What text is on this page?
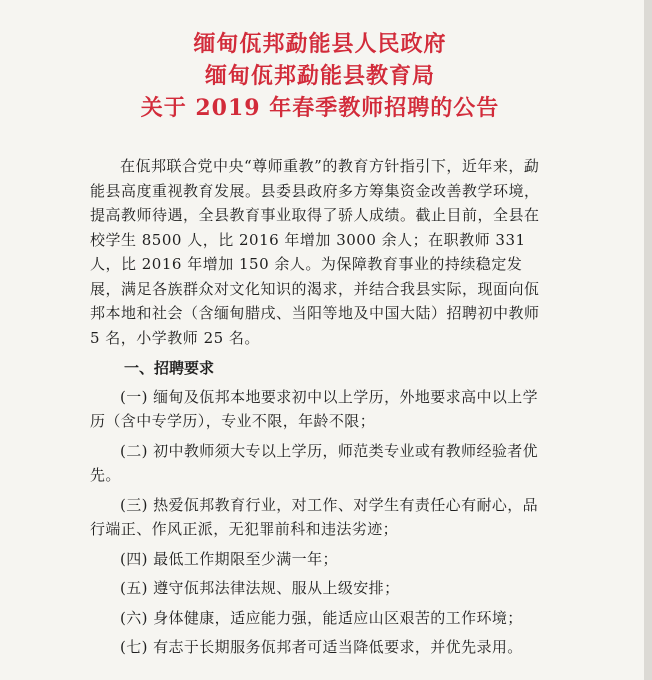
缅甸佤邦勐能县人民政府
缅甸佤邦勐能县教育局
关于 2019 年春季教师招聘的公告

在佤邦联合党中央“尊师重教”的教育方针指引下，近年来，勐能县高度重视教育发展。县委县政府多方筹集资金改善教学环境，提高教师待遇，全县教育事业取得了骄人成绩。截止目前，全县在校学生 8500 人，比 2016 年增加 3000 余人；在职教师 331 人，比 2016 年增加 150 余人。为保障教育事业的持续稳定发展，满足各族群众对文化知识的渴求，并结合我县实际，现面向佤邦本地和社会（含缅甸腊戌、当阳等地及中国大陆）招聘初中教师 5 名，小学教师 25 名。

一、招聘要求

(一) 缅甸及佤邦本地要求初中以上学历，外地要求高中以上学历（含中专学历），专业不限，年龄不限；

(二) 初中教师须大专以上学历，师范类专业或有教师经验者优先。

(三) 热爱佤邦教育行业，对工作、对学生有责任心有耐心，品行端正、作风正派，无犯罪前科和违法劣迹；

(四) 最低工作期限至少满一年；

(五) 遵守佤邦法律法规、服从上级安排；

(六) 身体健康，适应能力强，能适应山区艰苦的工作环境；

(七) 有志于长期服务佤邦者可适当降低要求，并优先录用。
